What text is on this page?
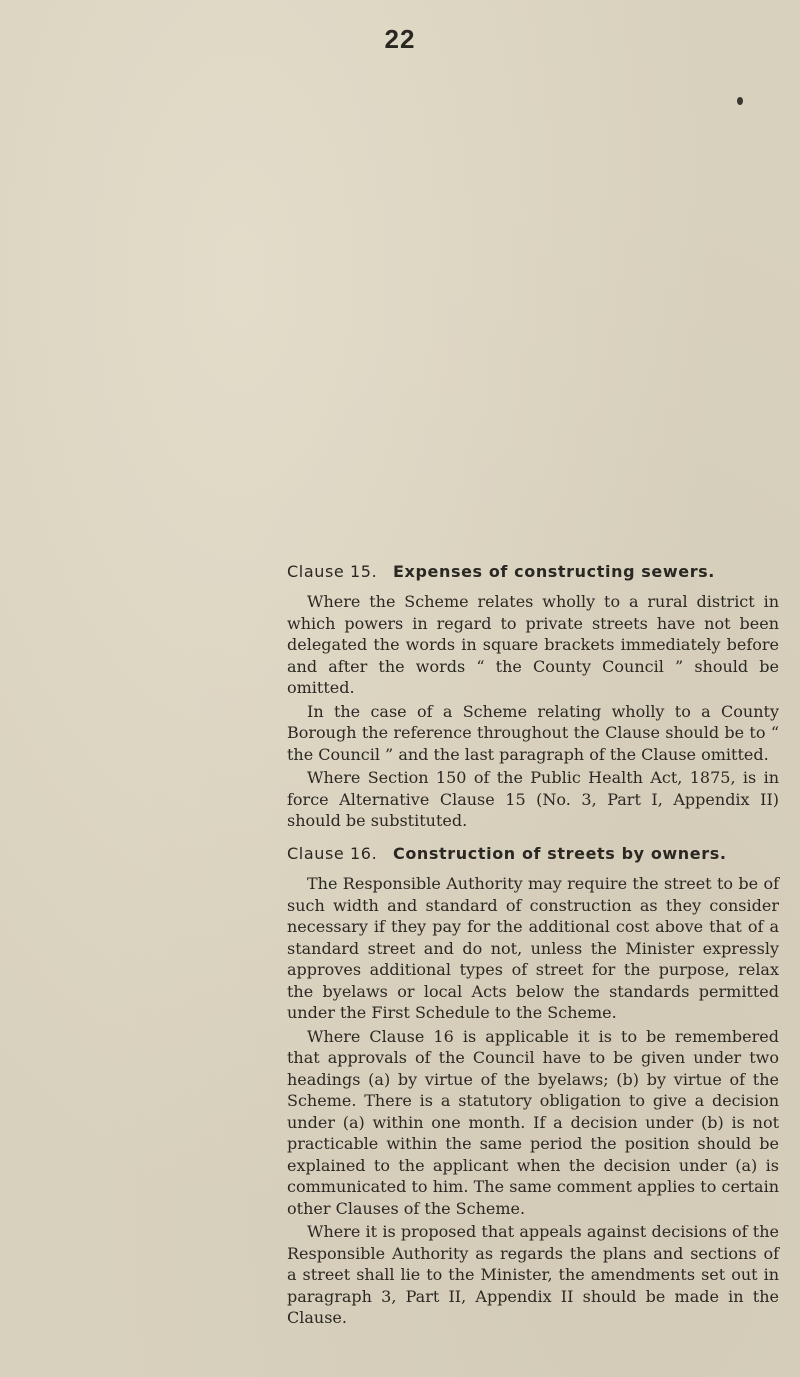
22
Clause 15. Expenses of constructing sewers.

Where the Scheme relates wholly to a rural district in which powers in regard to private streets have not been delegated the words in square brackets immediately before and after the words “ the County Council ” should be omitted.

In the case of a Scheme relating wholly to a County Borough the reference throughout the Clause should be to “ the Council ” and the last paragraph of the Clause omitted.

Where Section 150 of the Public Health Act, 1875, is in force Alternative Clause 15 (No. 3, Part I, Appendix II) should be substituted.

Clause 16. Construction of streets by owners.

The Responsible Authority may require the street to be of such width and standard of construction as they consider necessary if they pay for the additional cost above that of a standard street and do not, unless the Minister expressly approves additional types of street for the purpose, relax the byelaws or local Acts below the standards permitted under the First Schedule to the Scheme.

Where Clause 16 is applicable it is to be remembered that approvals of the Council have to be given under two headings (a) by virtue of the byelaws; (b) by virtue of the Scheme. There is a statutory obligation to give a decision under (a) within one month. If a decision under (b) is not practicable within the same period the position should be explained to the applicant when the decision under (a) is communicated to him. The same comment applies to certain other Clauses of the Scheme.

Where it is proposed that appeals against decisions of the Responsible Authority as regards the plans and sections of a street shall lie to the Minister, the amendments set out in paragraph 3, Part II, Appendix II should be made in the Clause.
